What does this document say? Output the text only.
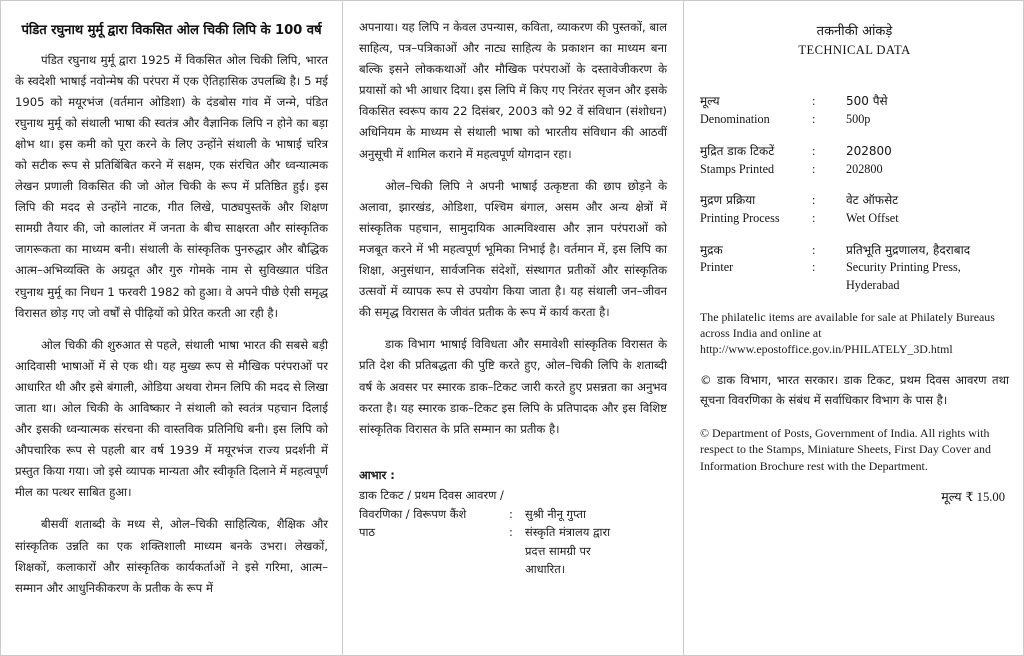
पंडित रघुनाथ मुर्मू द्वारा विकसित ओल चिकी लिपि के 100 वर्ष

पंडित रघुनाथ मुर्मू द्वारा 1925 में विकसित ओल चिकी लिपि, भारत के स्वदेशी भाषाई नवोन्मेष की परंपरा में एक ऐतिहासिक उपलब्धि है। 5 मई 1905 को मयूरभंज (वर्तमान ओडिशा) के दंडबोस गांव में जन्मे, पंडित रघुनाथ मुर्मू को संथाली भाषा की स्वतंत्र और वैज्ञानिक लिपि न होने का बड़ा क्षोभ था। इस कमी को पूरा करने के लिए उन्होंने संथाली के भाषाई चरित्र को सटीक रूप से प्रतिबिंबित करने में सक्षम, एक संरचित और ध्वन्यात्मक लेखन प्रणाली विकसित की जो ओल चिकी के रूप में प्रतिष्ठित हुई। इस लिपि की मदद से उन्होंने नाटक, गीत लिखे, पाठ्यपुस्तकें और शिक्षण सामग्री तैयार की, जो कालांतर में जनता के बीच साक्षरता और सांस्कृतिक जागरूकता का माध्यम बनी। संथाली के सांस्कृतिक पुनरुद्धार और बौद्धिक आत्म–अभिव्यक्ति के अग्रदूत और गुरु गोमके नाम से सुविख्यात पंडित रघुनाथ मुर्मू का निधन 1 फरवरी 1982 को हुआ। वे अपने पीछे ऐसी समृद्ध विरासत छोड़ गए जो वर्षों से पीढ़ियों को प्रेरित करती आ रही है।

ओल चिकी की शुरुआत से पहले, संथाली भाषा भारत की सबसे बड़ी आदिवासी भाषाओं में से एक थी। यह मुख्य रूप से मौखिक परंपराओं पर आधारित थी और इसे बंगाली, ओडिया अथवा रोमन लिपि की मदद से लिखा जाता था। ओल चिकी के आविष्कार ने संथाली को स्वतंत्र पहचान दिलाई और इसकी ध्वन्यात्मक संरचना की वास्तविक प्रतिनिधि बनी। इस लिपि को औपचारिक रूप से पहली बार वर्ष 1939 में मयूरभंज राज्य प्रदर्शनी में प्रस्तुत किया गया। जो इसे व्यापक मान्यता और स्वीकृति दिलाने में महत्वपूर्ण मील का पत्थर साबित हुआ।

बीसवीं शताब्दी के मध्य से, ओल–चिकी साहित्यिक, शैक्षिक और सांस्कृतिक उन्नति का एक शक्तिशाली माध्यम बनके उभरा। लेखकों, शिक्षकों, कलाकारों और सांस्कृतिक कार्यकर्ताओं ने इसे गरिमा, आत्म–सम्मान और आधुनिकीकरण के प्रतीक के रूप में

अपनाया। यह लिपि न केवल उपन्यास, कविता, व्याकरण की पुस्तकों, बाल साहित्य, पत्र–पत्रिकाओं और नाट्य साहित्य के प्रकाशन का माध्यम बना बल्कि इसने लोककथाओं और मौखिक परंपराओं के दस्तावेजीकरण के प्रयासों को भी आधार दिया। इस लिपि में किए गए निरंतर सृजन और इसके विकसित स्वरूप काय 22 दिसंबर, 2003 को 92 वें संविधान (संशोधन) अधिनियम के माध्यम से संथाली भाषा को भारतीय संविधान की आठवीं अनुसूची में शामिल कराने में महत्वपूर्ण योगदान रहा।

ओल–चिकी लिपि ने अपनी भाषाई उत्कृष्टता की छाप छोड़ने के अलावा, झारखंड, ओडिशा, पश्चिम बंगाल, असम और अन्य क्षेत्रों में सांस्कृतिक पहचान, सामुदायिक आत्मविश्वास और ज्ञान परंपराओं को मजबूत करने में भी महत्वपूर्ण भूमिका निभाई है। वर्तमान में, इस लिपि का शिक्षा, अनुसंधान, सार्वजनिक संदेशों, संस्थागत प्रतीकों और सांस्कृतिक उत्सवों में व्यापक रूप से उपयोग किया जाता है। यह संथाली जन–जीवन की समृद्ध विरासत के जीवंत प्रतीक के रूप में कार्य करता है।

डाक विभाग भाषाई विविधता और समावेशी सांस्कृतिक विरासत के प्रति देश की प्रतिबद्धता की पुष्टि करते हुए, ओल–चिकी लिपि के शताब्दी वर्ष के अवसर पर स्मारक डाक–टिकट जारी करते हुए प्रसन्नता का अनुभव करता है। यह स्मारक डाक–टिकट इस लिपि के प्रतिपादक और इस विशिष्ट सांस्कृतिक विरासत के प्रति सम्मान का प्रतीक है।

आभार :

डाक टिकट / प्रथम दिवस आवरण /

विवरणिका / विरूपण कैंशे	:	सुश्री नीनू गुप्ता
पाठ	:	संस्कृति मंत्रालय द्वारा
प्रदत्त सामग्री पर
आधारित।
तकनीकी आंकड़े
TECHNICAL DATA
मूल्य	:	500 पैसे
Denomination	:	500p
मुद्रित डाक टिकटें	:	202800
Stamps Printed	:	202800
मुद्रण प्रक्रिया	:	वेट ऑफसेट
Printing Process	:	Wet Offset
मुद्रक	:	प्रतिभूति मुद्रणालय, हैदराबाद
Printer	:	Security Printing Press, Hyderabad

The philatelic items are available for sale at Philately Bureaus across India and online at http://www.epostoffice.gov.in/PHILATELY_3D.html

© डाक विभाग, भारत सरकार। डाक टिकट, प्रथम दिवस आवरण तथा सूचना विवरणिका के संबंध में सर्वाधिकार विभाग के पास है।

© Department of Posts, Government of India. All rights with respect to the Stamps, Miniature Sheets, First Day Cover and Information Brochure rest with the Department.

मूल्य ₹ 15.00
